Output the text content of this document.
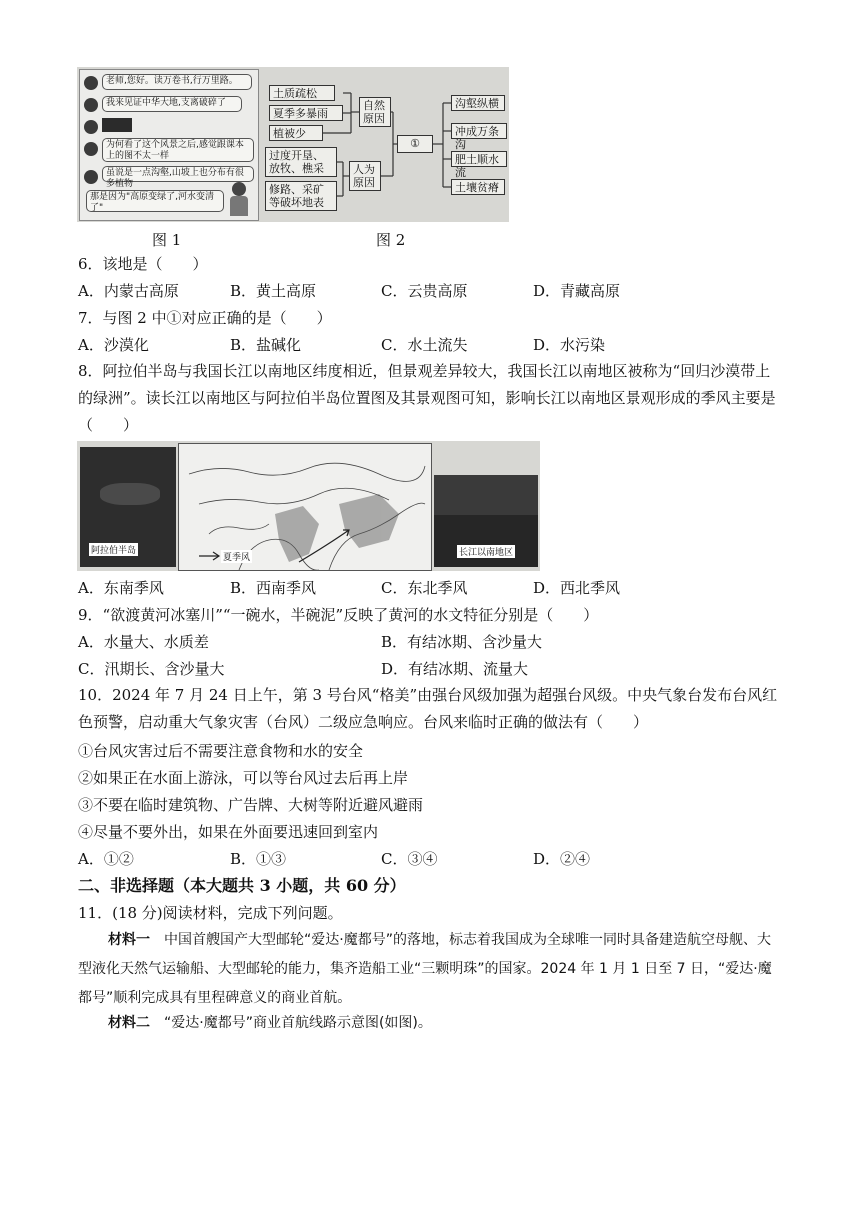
老师,您好。读万卷书,行万里路。
我来见证中华大地,支离破碎了
为何看了这个风景之后,感觉跟课本上的图不太一样
虽说是一点沟壑,山坡上也分布有很多植物
那是因为"高原变绿了,河水变清了"
土质疏松
夏季多暴雨
植被少
自然原因
过度开垦、放牧、樵采
修路、采矿等破坏地表
人为原因
①
沟壑纵横
冲成万条沟
肥土顺水流
土壤贫瘠
图 1	图 2
6．该地是（　　）
A．内蒙古高原	B．黄土高原	C．云贵高原	D．青藏高原
7．与图 2 中①对应正确的是（　　）
A．沙漠化	B．盐碱化	C．水土流失	D．水污染
8．阿拉伯半岛与我国长江以南地区纬度相近，但景观差异较大，我国长江以南地区被称为“回归沙漠带上的绿洲”。读长江以南地区与阿拉伯半岛位置图及其景观图可知，影响长江以南地区景观形成的季风主要是（　　）
阿拉伯半岛
夏季风	长江以南地区
A．东南季风	B．西南季风	C．东北季风	D．西北季风
9．“欲渡黄河冰塞川”“一碗水，半碗泥”反映了黄河的水文特征分别是（　　）
A．水量大、水质差	B．有结冰期、含沙量大
C．汛期长、含沙量大	D．有结冰期、流量大
10．2024 年 7 月 24 日上午，第 3 号台风“格美”由强台风级加强为超强台风级。中央气象台发布台风红色预警，启动重大气象灾害（台风）二级应急响应。台风来临时正确的做法有（　　）
①台风灾害过后不需要注意食物和水的安全
②如果正在水面上游泳，可以等台风过去后再上岸
③不要在临时建筑物、广告牌、大树等附近避风避雨
④尽量不要外出，如果在外面要迅速回到室内
A．①②	B．①③	C．③④	D．②④
二、非选择题（本大题共 3 小题，共 60 分）
11．(18 分)阅读材料，完成下列问题。
材料一　 中国首艘国产大型邮轮“爱达·魔都号”的落地，标志着我国成为全球唯一同时具备建造航空母舰、大型液化天然气运输船、大型邮轮的能力，集齐造船工业“三颗明珠”的国家。2024 年 1 月 1 日至 7 日，“爱达·魔都号”顺利完成具有里程碑意义的商业首航。
材料二　 “爱达·魔都号”商业首航线路示意图(如图)。
